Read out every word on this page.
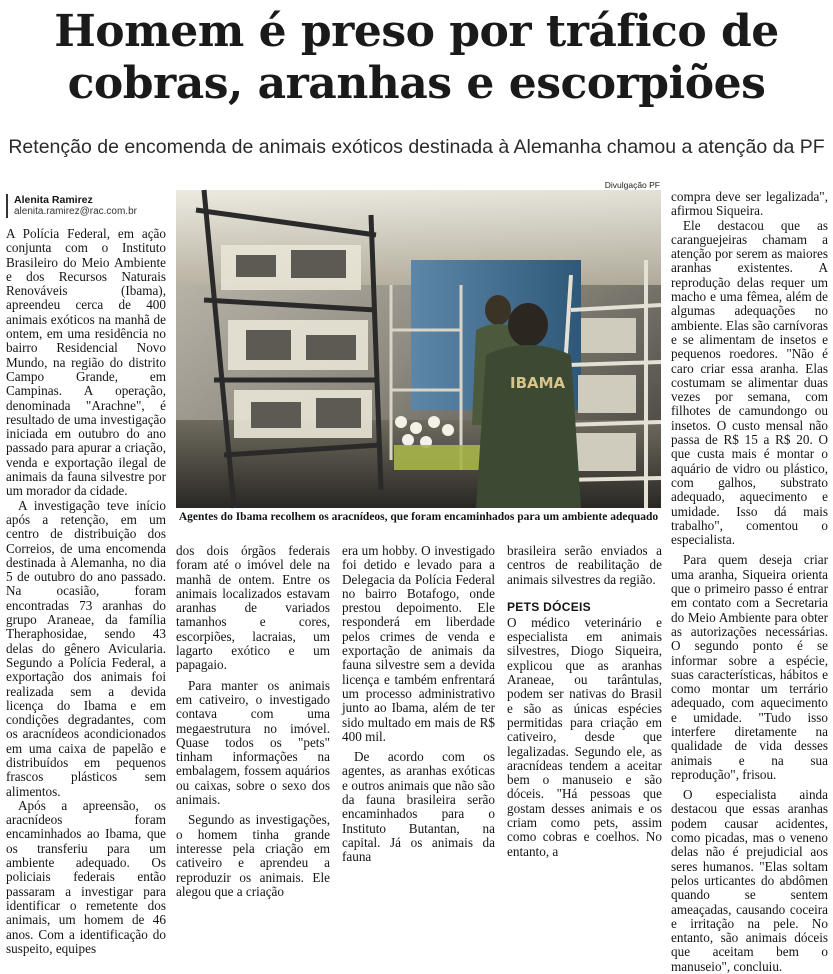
Homem é preso por tráfico de
cobras, aranhas e escorpiões
Retenção de encomenda de animais exóticos destinada à Alemanha chamou a atenção da PF
Alenita Ramirez
alenita.ramirez@rac.com.br
Divulgação PF
IBAMA
Agentes do Ibama recolhem os aracnídeos, que foram encaminhados para um ambiente adequado

A Polícia Federal, em ação conjunta com o Instituto Brasileiro do Meio Ambiente e dos Recursos Naturais Renováveis (Ibama), apreendeu cerca de 400 animais exóticos na manhã de ontem, em uma residência no bairro Residencial Novo Mundo, na região do distrito Campo Grande, em Campinas. A operação, denominada "Arachne", é resultado de uma investigação iniciada em outubro do ano passado para apurar a criação, venda e exportação ilegal de animais da fauna silvestre por um morador da cidade.

A investigação teve início após a retenção, em um centro de distribuição dos Correios, de uma encomenda destinada à Alemanha, no dia 5 de outubro do ano passado. Na ocasião, foram encontradas 73 aranhas do grupo Araneae, da família Theraphosidae, sendo 43 delas do gênero Avicularia. Segundo a Polícia Federal, a exportação dos animais foi realizada sem a devida licença do Ibama e em condições degradantes, com os aracnídeos acondicionados em uma caixa de papelão e distribuídos em pequenos frascos plásticos sem alimentos.

Após a apreensão, os aracnídeos foram encaminhados ao Ibama, que os transferiu para um ambiente adequado. Os policiais federais então passaram a investigar para identificar o remetente dos animais, um homem de 46 anos. Com a identificação do suspeito, equipes

dos dois órgãos federais foram até o imóvel dele na manhã de ontem. Entre os animais localizados estavam aranhas de variados tamanhos e cores, escorpiões, lacraias, um lagarto exótico e um papagaio.

Para manter os animais em cativeiro, o investigado contava com uma megaestrutura no imóvel. Quase todos os "pets" tinham informações na embalagem, fossem aquários ou caixas, sobre o sexo dos animais.

Segundo as investigações, o homem tinha grande interesse pela criação em cativeiro e aprendeu a reproduzir os animais. Ele alegou que a criação

era um hobby. O investigado foi detido e levado para a Delegacia da Polícia Federal no bairro Botafogo, onde prestou depoimento. Ele responderá em liberdade pelos crimes de venda e exportação de animais da fauna silvestre sem a devida licença e também enfrentará um processo administrativo junto ao Ibama, além de ter sido multado em mais de R$ 400 mil.

De acordo com os agentes, as aranhas exóticas e outros animais que não são da fauna brasileira serão encaminhados para o Instituto Butantan, na capital. Já os animais da fauna

brasileira serão enviados a centros de reabilitação de animais silvestres da região.

PETS DÓCEIS

O médico veterinário e especialista em animais silvestres, Diogo Siqueira, explicou que as aranhas Araneae, ou tarântulas, podem ser nativas do Brasil e são as únicas espécies permitidas para criação em cativeiro, desde que legalizadas. Segundo ele, as aracnídeas tendem a aceitar bem o manuseio e são dóceis. "Há pessoas que gostam desses animais e os criam como pets, assim como cobras e coelhos. No entanto, a

compra deve ser legalizada", afirmou Siqueira.

Ele destacou que as caranguejeiras chamam a atenção por serem as maiores aranhas existentes. A reprodução delas requer um macho e uma fêmea, além de algumas adequações no ambiente. Elas são carnívoras e se alimentam de insetos e pequenos roedores. "Não é caro criar essa aranha. Elas costumam se alimentar duas vezes por semana, com filhotes de camundongo ou insetos. O custo mensal não passa de R$ 15 a R$ 20. O que custa mais é montar o aquário de vidro ou plástico, com galhos, substrato adequado, aquecimento e umidade. Isso dá mais trabalho", comentou o especialista.

Para quem deseja criar uma aranha, Siqueira orienta que o primeiro passo é entrar em contato com a Secretaria do Meio Ambiente para obter as autorizações necessárias. O segundo ponto é se informar sobre a espécie, suas características, hábitos e como montar um terrário adequado, com aquecimento e umidade. "Tudo isso interfere diretamente na qualidade de vida desses animais e na sua reprodução", frisou.

O especialista ainda destacou que essas aranhas podem causar acidentes, como picadas, mas o veneno delas não é prejudicial aos seres humanos. "Elas soltam pelos urticantes do abdômen quando se sentem ameaçadas, causando coceira e irritação na pele. No entanto, são animais dóceis que aceitam bem o manuseio", concluiu.
